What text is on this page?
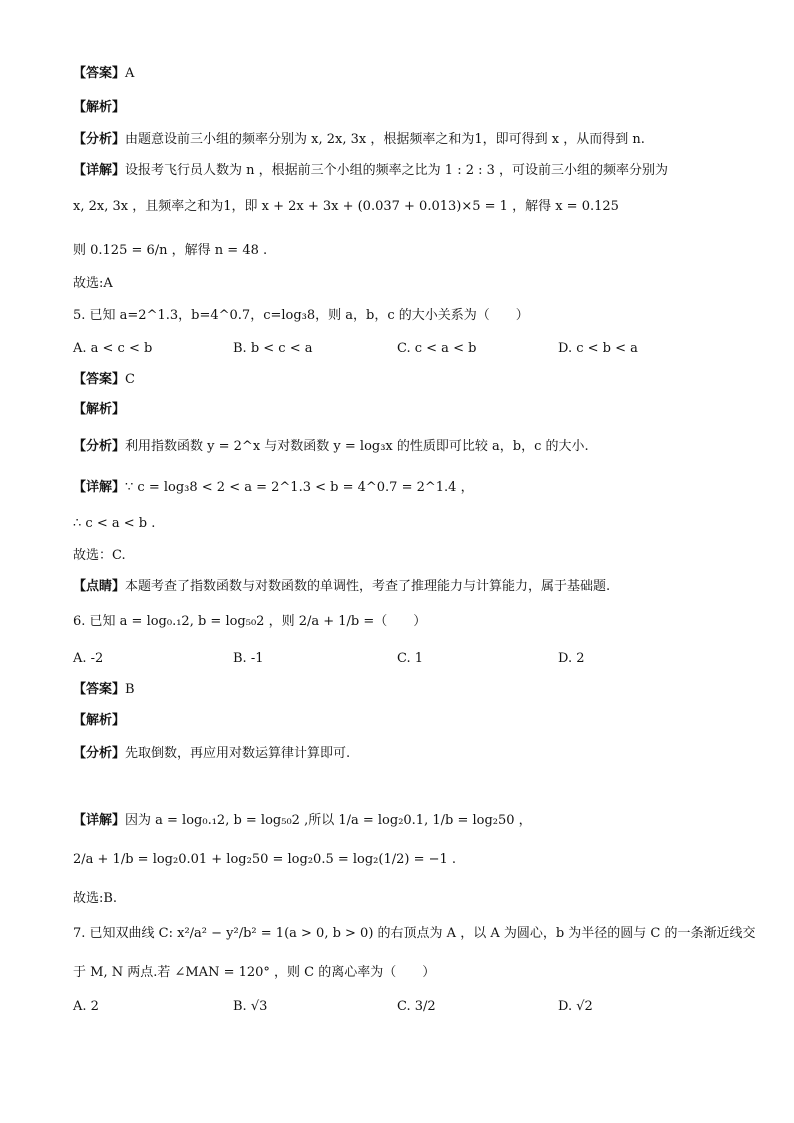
【答案】A
【解析】
【分析】由题意设前三小组的频率分别为 x, 2x, 3x ，根据频率之和为1，即可得到 x ，从而得到 n.
【详解】设报考飞行员人数为 n ，根据前三个小组的频率之比为 1 : 2 : 3 ，可设前三小组的频率分别为
x, 2x, 3x ，且频率之和为1，即 x + 2x + 3x + (0.037 + 0.013)×5 = 1 ，解得 x = 0.125
则 0.125 = 6/n ，解得 n = 48 .
故选:A
5. 已知 a=2^1.3，b=4^0.7，c=log₃8，则 a，b，c 的大小关系为（　　）
【答案】C
【解析】
【分析】利用指数函数 y = 2^x 与对数函数 y = log₃x 的性质即可比较 a，b，c 的大小.
【详解】∵ c = log₃8 < 2 < a = 2^1.3 < b = 4^0.7 = 2^1.4 ，
∴ c < a < b .
故选：C.
【点睛】本题考查了指数函数与对数函数的单调性，考查了推理能力与计算能力，属于基础题.
6. 已知 a = log₀.₁2, b = log₅₀2 ，则 2/a + 1/b =（　　）
【答案】B
【解析】
【分析】先取倒数，再应用对数运算律计算即可.
【详解】因为 a = log₀.₁2, b = log₅₀2 ,所以 1/a = log₂0.1, 1/b = log₂50 ，
2/a + 1/b = log₂0.01 + log₂50 = log₂0.5 = log₂(1/2) = −1 .
故选:B.
7. 已知双曲线 C: x²/a² − y²/b² = 1(a > 0, b > 0) 的右顶点为 A ，以 A 为圆心，b 为半径的圆与 C 的一条渐近线交
于 M, N 两点.若 ∠MAN = 120° ，则 C 的离心率为（　　）
A. a < c < b	B. b < c < a	C. c < a < b	D. c < b < a
A. -2	B. -1	C. 1	D. 2
A. 2	B. √3	C. 3/2	D. √2
